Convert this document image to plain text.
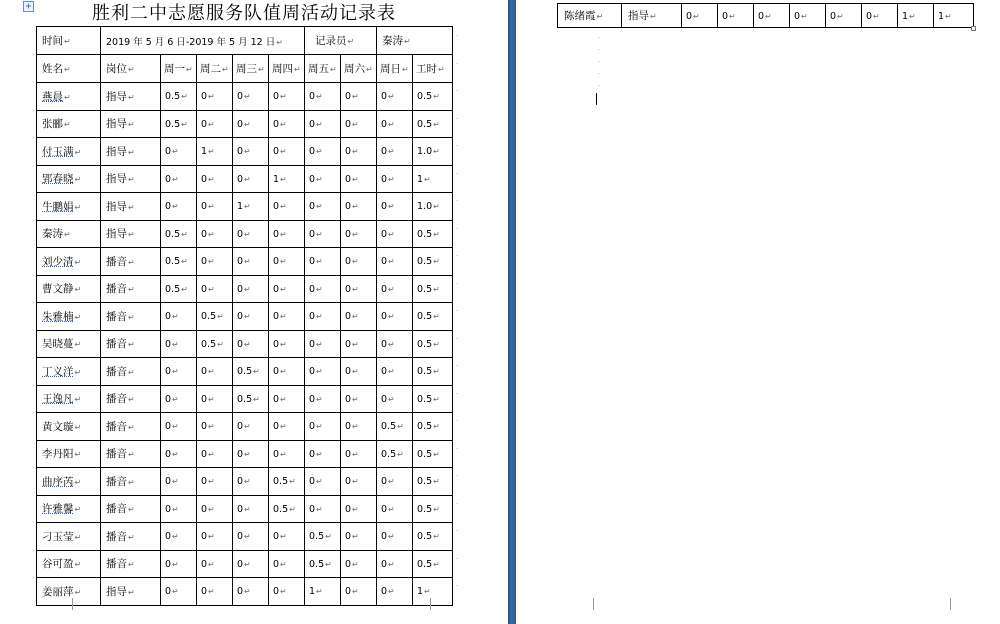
+	胜利二中志愿服务队值周活动记录表
时间↵	2019 年 5 月 6 日-2019 年 5 月 12 日↵					记录员↵		秦涛↵	
姓名↵	岗位↵	周一↵	周二↵	周三↵	周四↵	周五↵	周六↵	周日↵	工时↵
燕晨↵	指导↵	0.5↵	0↵	0↵	0↵	0↵	0↵	0↵	0.5↵
张郦↵	指导↵	0.5↵	0↵	0↵	0↵	0↵	0↵	0↵	0.5↵
付玉满↵	指导↵	0↵	1↵	0↵	0↵	0↵	0↵	0↵	1.0↵
郢春晓↵	指导↵	0↵	0↵	0↵	1↵	0↵	0↵	0↵	1↵
牛鹏娟↵	指导↵	0↵	0↵	1↵	0↵	0↵	0↵	0↵	1.0↵
秦涛↵	指导↵	0.5↵	0↵	0↵	0↵	0↵	0↵	0↵	0.5↵
刘少清↵	播音↵	0.5↵	0↵	0↵	0↵	0↵	0↵	0↵	0.5↵
曹文静↵	播音↵	0.5↵	0↵	0↵	0↵	0↵	0↵	0↵	0.5↵
朱雅楠↵	播音↵	0↵	0.5↵	0↵	0↵	0↵	0↵	0↵	0.5↵
吴晓蔓↵	播音↵	0↵	0.5↵	0↵	0↵	0↵	0↵	0↵	0.5↵
丁义洋↵	播音↵	0↵	0↵	0.5↵	0↵	0↵	0↵	0↵	0.5↵
王逸凡↵	播音↵	0↵	0↵	0.5↵	0↵	0↵	0↵	0↵	0.5↵
黄文璇↵	播音↵	0↵	0↵	0↵	0↵	0↵	0↵	0.5↵	0.5↵
李丹阳↵	播音↵	0↵	0↵	0↵	0↵	0↵	0↵	0.5↵	0.5↵
曲序芮↵	播音↵	0↵	0↵	0↵	0.5↵	0↵	0↵	0↵	0.5↵
许雅馨↵	播音↵	0↵	0↵	0↵	0.5↵	0↵	0↵	0↵	0.5↵
刁玉莹↵	播音↵	0↵	0↵	0↵	0↵	0.5↵	0↵	0↵	0.5↵
谷可盈↵	播音↵	0↵	0↵	0↵	0↵	0.5↵	0↵	0↵	0.5↵
姜丽萍↵	指导↵	0↵	0↵	0↵	0↵	1↵	0↵	0↵	1↵
·
·
·
·
·
·
·
·
·
·
·
·
·
·
·
·
·
·
·
·
·
陈绪霞↵	指导↵	0↵	0↵	0↵	0↵	0↵	0↵	1↵	1↵
·
·
·
·
·
